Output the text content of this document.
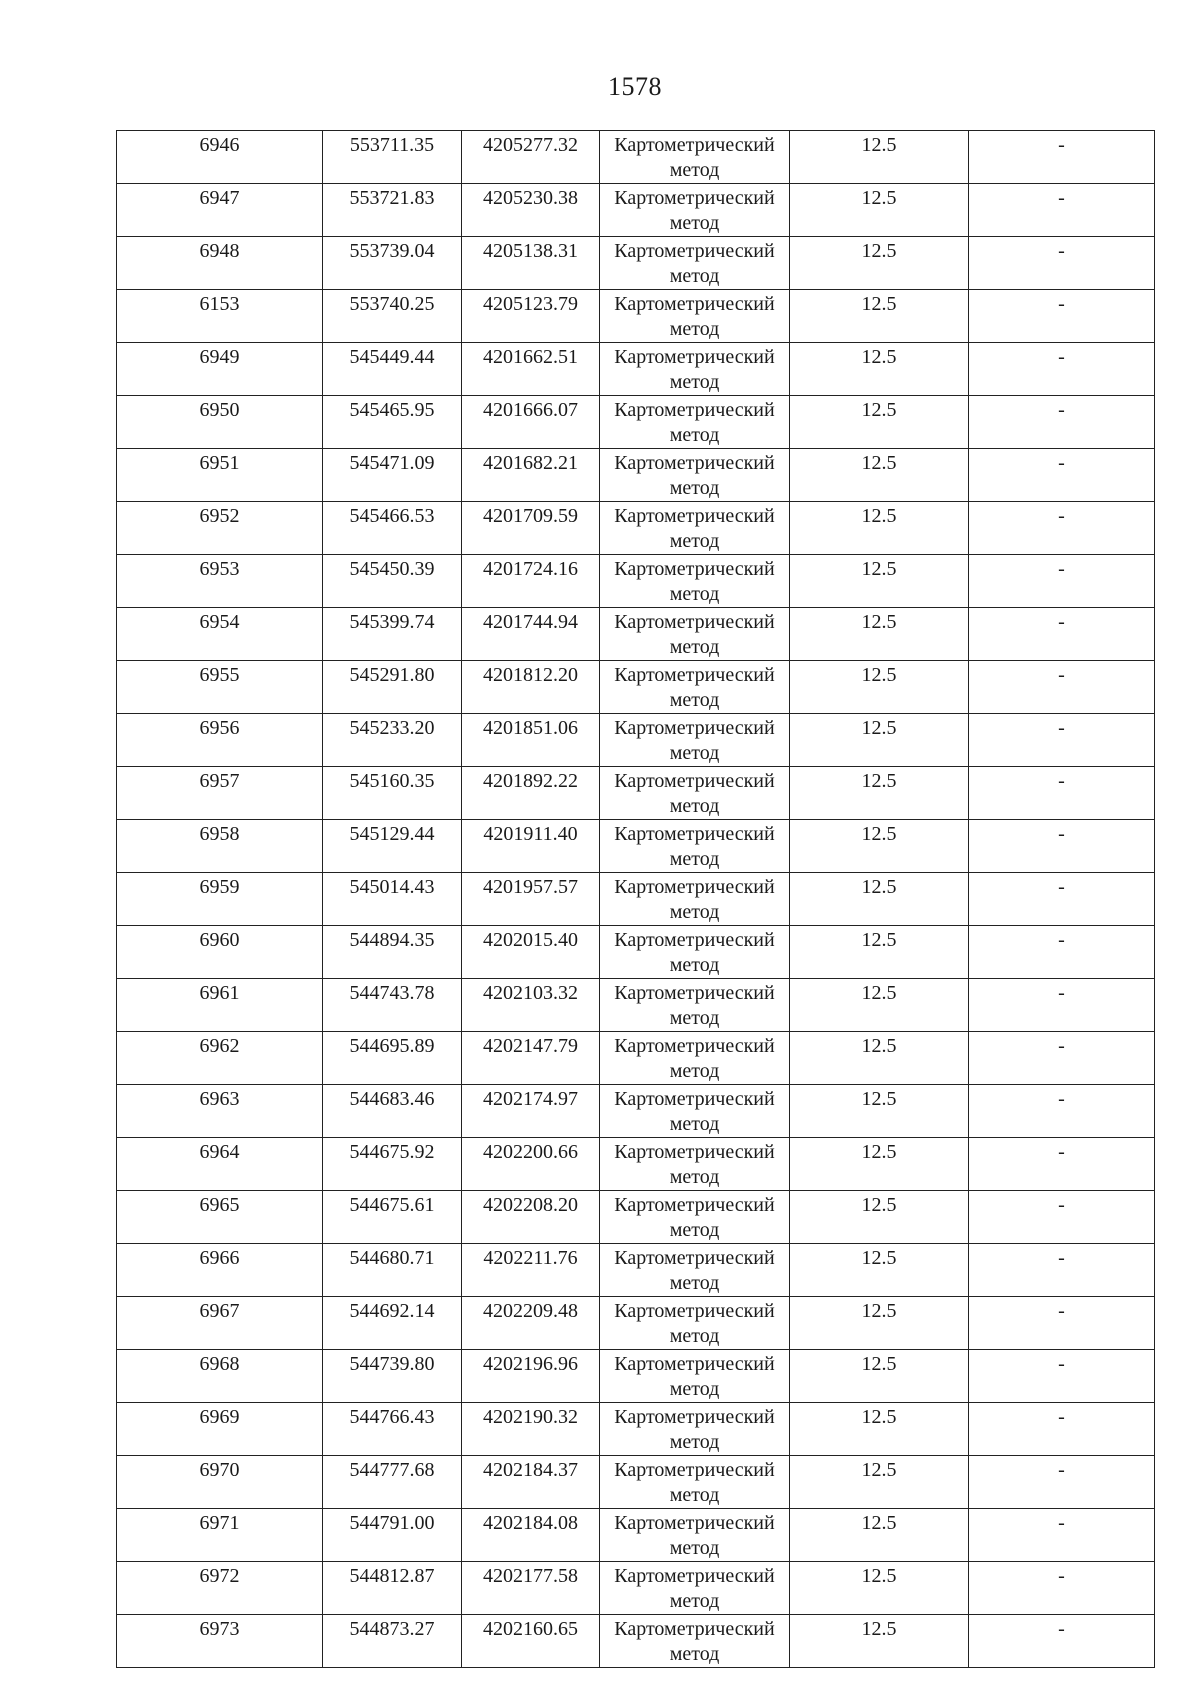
1578
6946	553711.35	4205277.32	Картометрический метод	12.5	-
6947	553721.83	4205230.38	Картометрический метод	12.5	-
6948	553739.04	4205138.31	Картометрический метод	12.5	-
6153	553740.25	4205123.79	Картометрический метод	12.5	-
6949	545449.44	4201662.51	Картометрический метод	12.5	-
6950	545465.95	4201666.07	Картометрический метод	12.5	-
6951	545471.09	4201682.21	Картометрический метод	12.5	-
6952	545466.53	4201709.59	Картометрический метод	12.5	-
6953	545450.39	4201724.16	Картометрический метод	12.5	-
6954	545399.74	4201744.94	Картометрический метод	12.5	-
6955	545291.80	4201812.20	Картометрический метод	12.5	-
6956	545233.20	4201851.06	Картометрический метод	12.5	-
6957	545160.35	4201892.22	Картометрический метод	12.5	-
6958	545129.44	4201911.40	Картометрический метод	12.5	-
6959	545014.43	4201957.57	Картометрический метод	12.5	-
6960	544894.35	4202015.40	Картометрический метод	12.5	-
6961	544743.78	4202103.32	Картометрический метод	12.5	-
6962	544695.89	4202147.79	Картометрический метод	12.5	-
6963	544683.46	4202174.97	Картометрический метод	12.5	-
6964	544675.92	4202200.66	Картометрический метод	12.5	-
6965	544675.61	4202208.20	Картометрический метод	12.5	-
6966	544680.71	4202211.76	Картометрический метод	12.5	-
6967	544692.14	4202209.48	Картометрический метод	12.5	-
6968	544739.80	4202196.96	Картометрический метод	12.5	-
6969	544766.43	4202190.32	Картометрический метод	12.5	-
6970	544777.68	4202184.37	Картометрический метод	12.5	-
6971	544791.00	4202184.08	Картометрический метод	12.5	-
6972	544812.87	4202177.58	Картометрический метод	12.5	-
6973	544873.27	4202160.65	Картометрический метод	12.5	-
